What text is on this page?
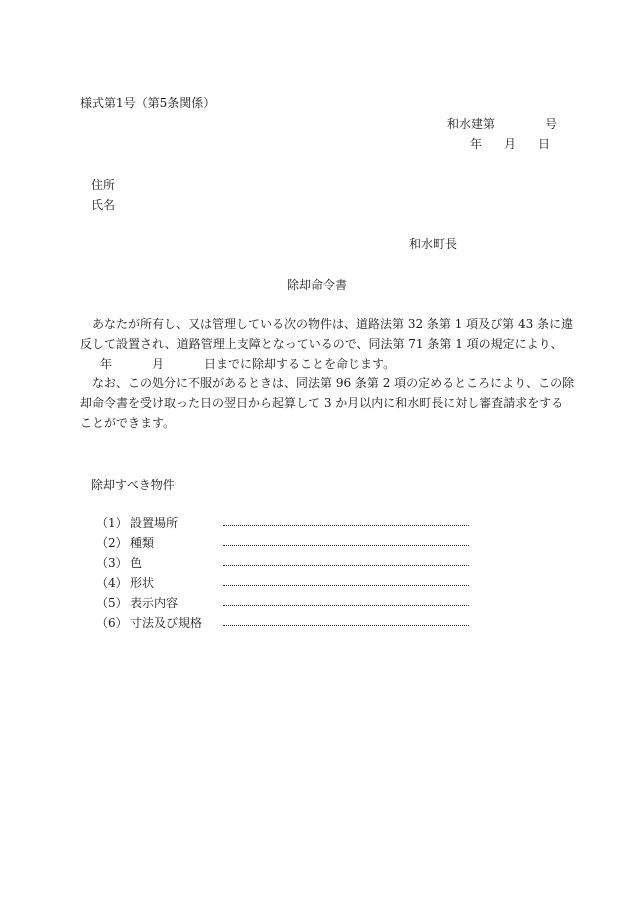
様式第1号（第5条関係）
和水建第	号
年 月 日
住所
氏名
和水町長
除却命令書
あなたが所有し、又は管理している次の物件は、道路法第 32 条第 1 項及び第 43 条に違
反して設置され、道路管理上支障となっているので、同法第 71 条第 1 項の規定により、
年	月	日までに除却することを命じます。
なお、この処分に不服があるときは、同法第 96 条第 2 項の定めるところにより、この除
却命令書を受け取った日の翌日から起算して 3 か月以内に和水町長に対し審査請求をする
ことができます。
除却すべき物件
（1） 設置場所
（2） 種類
（3） 色
（4） 形状
（5） 表示内容
（6） 寸法及び規格
